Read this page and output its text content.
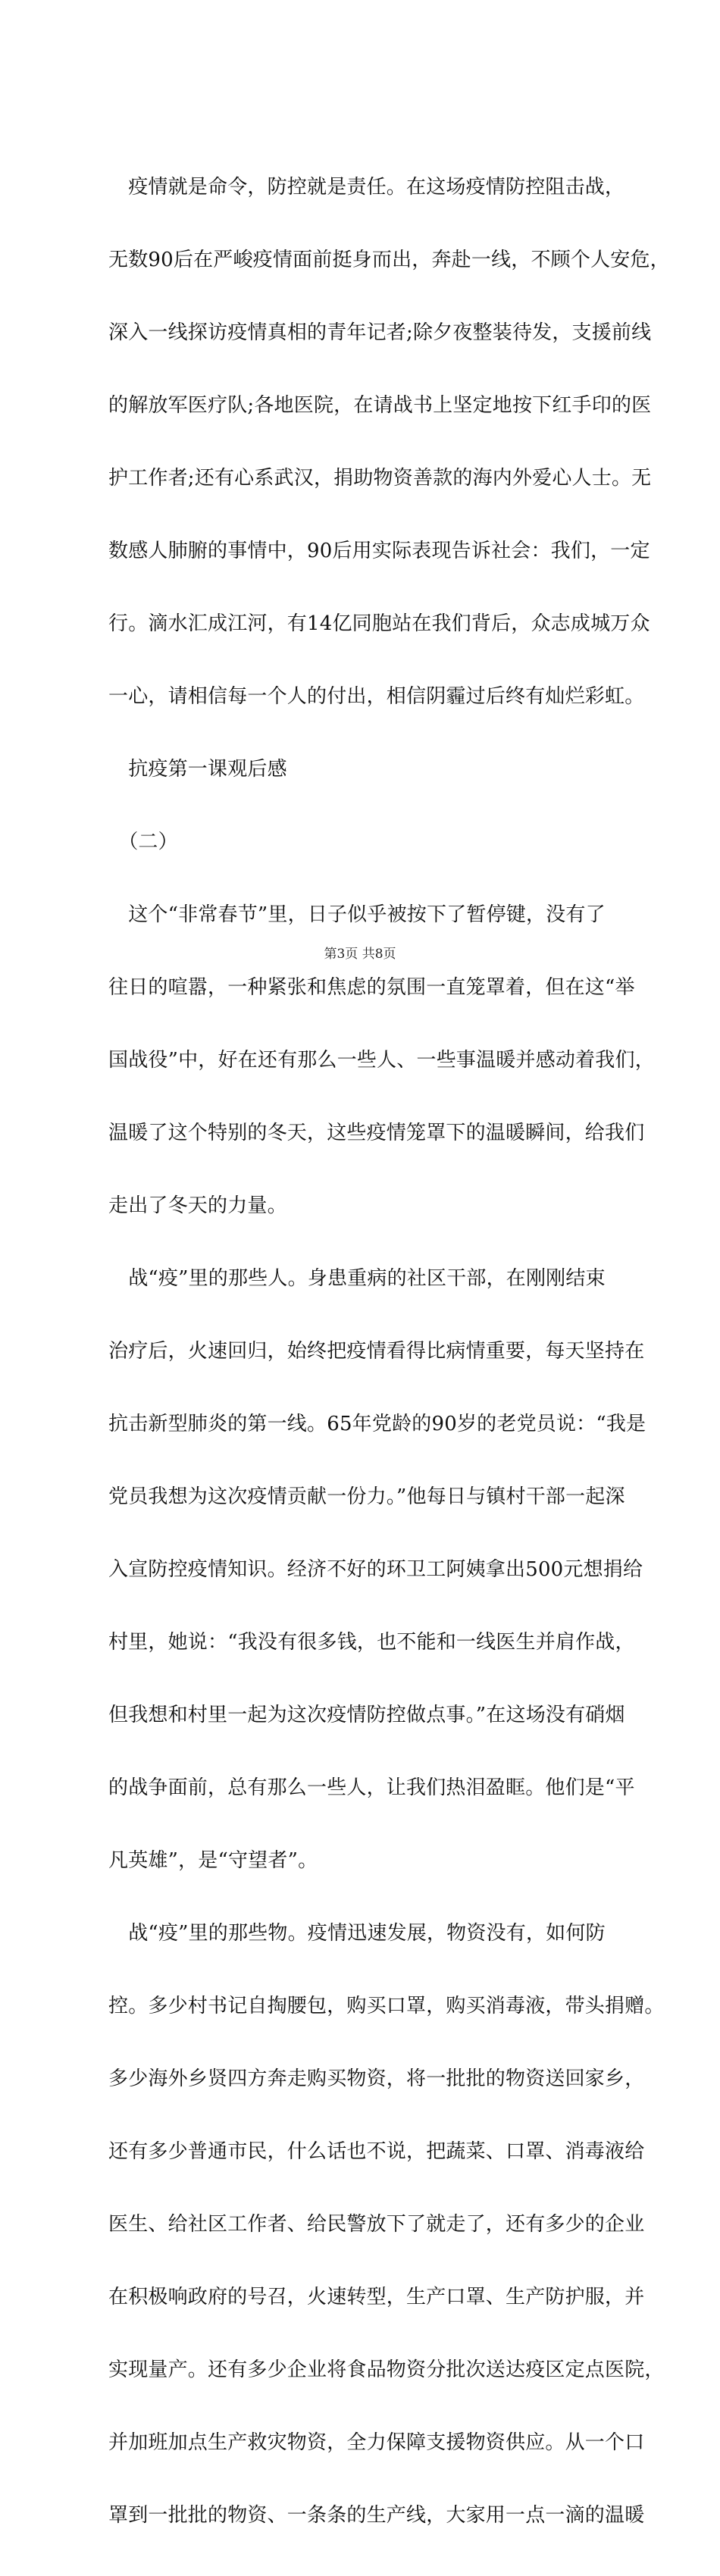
　疫情就是命令，防控就是责任。在这场疫情防控阻击战，

无数90后在严峻疫情面前挺身而出，奔赴一线，不顾个人安危，

深入一线探访疫情真相的青年记者;除夕夜整装待发，支援前线

的解放军医疗队;各地医院，在请战书上坚定地按下红手印的医

护工作者;还有心系武汉，捐助物资善款的海内外爱心人士。无

数感人肺腑的事情中，90后用实际表现告诉社会：我们，一定

行。滴水汇成江河，有14亿同胞站在我们背后，众志成城万众

一心，请相信每一个人的付出，相信阴霾过后终有灿烂彩虹。

　抗疫第一课观后感

　（二）

　这个“非常春节”里，日子似乎被按下了暂停键，没有了

往日的喧嚣，一种紧张和焦虑的氛围一直笼罩着，但在这“举

国战役”中，好在还有那么一些人、一些事温暖并感动着我们，

温暖了这个特别的冬天，这些疫情笼罩下的温暖瞬间，给我们

走出了冬天的力量。

　战“疫”里的那些人。身患重病的社区干部，在刚刚结束

治疗后，火速回归，始终把疫情看得比病情重要，每天坚持在

抗击新型肺炎的第一线。65年党龄的90岁的老党员说：“我是

党员我想为这次疫情贡献一份力。”他每日与镇村干部一起深

入宣防控疫情知识。经济不好的环卫工阿姨拿出500元想捐给

村里，她说：“我没有很多钱，也不能和一线医生并肩作战，

但我想和村里一起为这次疫情防控做点事。”在这场没有硝烟

的战争面前，总有那么一些人，让我们热泪盈眶。他们是“平

凡英雄”，是“守望者”。

　战“疫”里的那些物。疫情迅速发展，物资没有，如何防

控。多少村书记自掏腰包，购买口罩，购买消毒液，带头捐赠。

多少海外乡贤四方奔走购买物资，将一批批的物资送回家乡，

还有多少普通市民，什么话也不说，把蔬菜、口罩、消毒液给

医生、给社区工作者、给民警放下了就走了，还有多少的企业

在积极响政府的号召，火速转型，生产口罩、生产防护服，并

实现量产。还有多少企业将食品物资分批次送达疫区定点医院，

并加班加点生产救灾物资，全力保障支援物资供应。从一个口

罩到一批批的物资、一条条的生产线，大家用一点一滴的温暖

第3页 共8页
